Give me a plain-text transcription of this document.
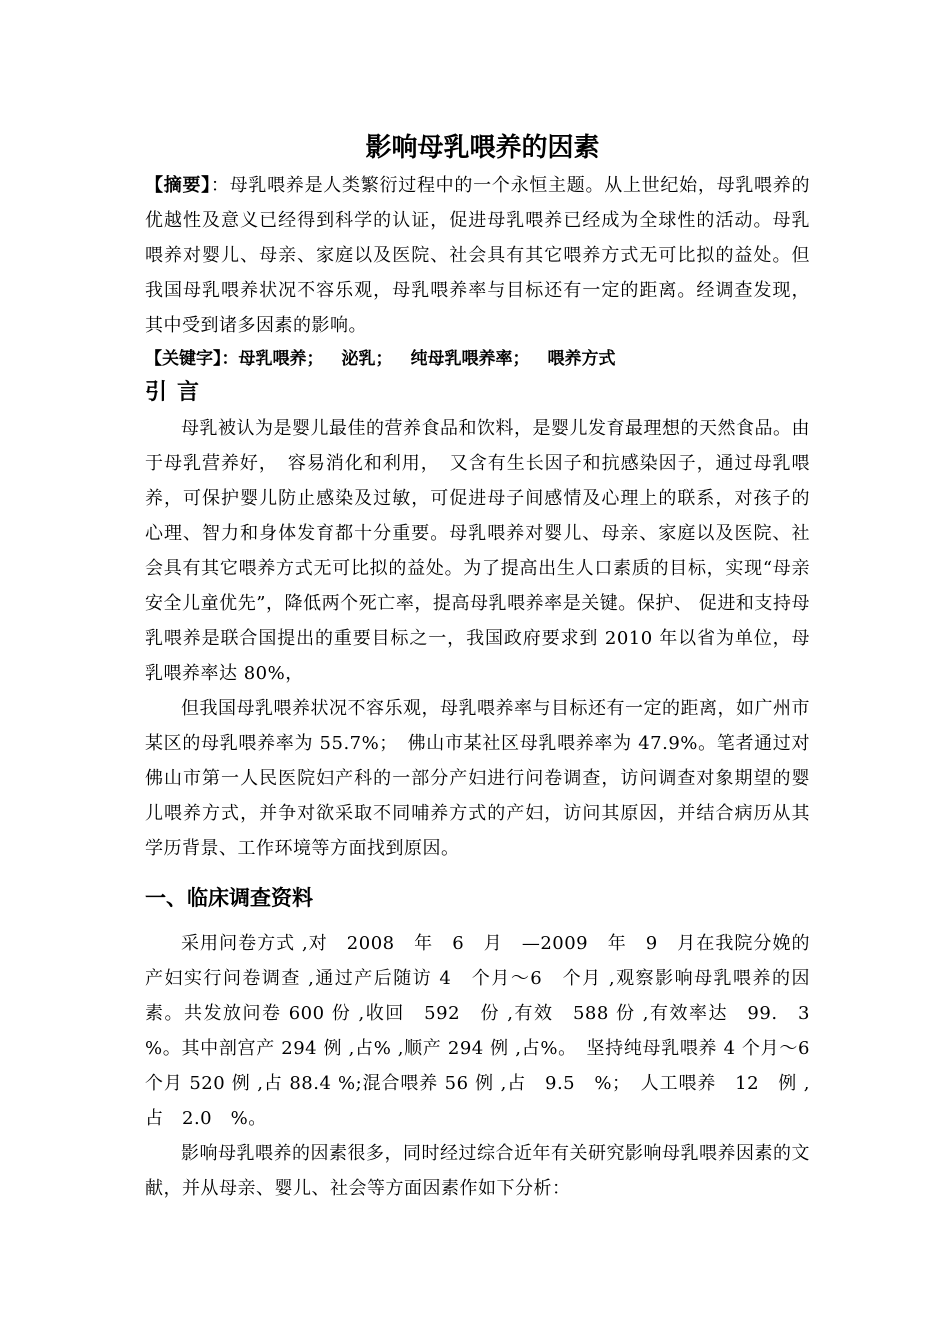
影响母乳喂养的因素

【摘要】：母乳喂养是人类繁衍过程中的一个永恒主题。从上世纪始，母乳喂养的优越性及意义已经得到科学的认证，促进母乳喂养已经成为全球性的活动。母乳喂养对婴儿、母亲、家庭以及医院、社会具有其它喂养方式无可比拟的益处。但我国母乳喂养状况不容乐观，母乳喂养率与目标还有一定的距离。经调查发现，其中受到诸多因素的影响。

【关键字】：母乳喂养； 泌乳； 纯母乳喂养率； 喂养方式

引言

母乳被认为是婴儿最佳的营养食品和饮料，是婴儿发育最理想的天然食品。由于母乳营养好，　容易消化和利用，　又含有生长因子和抗感染因子，通过母乳喂养，可保护婴儿防止感染及过敏，可促进母子间感情及心理上的联系，对孩子的心理、智力和身体发育都十分重要。母乳喂养对婴儿、母亲、家庭以及医院、社会具有其它喂养方式无可比拟的益处。为了提高出生人口素质的目标，实现“母亲安全儿童优先”，降低两个死亡率，提高母乳喂养率是关键。保护、 促进和支持母乳喂养是联合国提出的重要目标之一，我国政府要求到 2010 年以省为单位，母乳喂养率达 80%，

但我国母乳喂养状况不容乐观，母乳喂养率与目标还有一定的距离，如广州市某区的母乳喂养率为 55.7%；　佛山市某社区母乳喂养率为 47.9%。笔者通过对佛山市第一人民医院妇产科的一部分产妇进行问卷调查，访问调查对象期望的婴儿喂养方式，并争对欲采取不同哺养方式的产妇，访问其原因，并结合病历从其学历背景、工作环境等方面找到原因。

一、临床调查资料

采用问卷方式 ,对　2008　年　6　月　—2009　年　9　月在我院分娩的产妇实行问卷调查 ,通过产后随访 4　个月～6　个月 ,观察影响母乳喂养的因素。共发放问卷 600 份 ,收回　592　份 ,有效　588 份 ,有效率达　99.　3　%。其中剖宫产 294 例 ,占% ,顺产 294 例 ,占%。　坚持纯母乳喂养 4 个月～6 个月 520 例 ,占 88.4 %;混合喂养 56 例 ,占　9.5　%；　人工喂养　12　例 ,占　2.0　%。

影响母乳喂养的因素很多，同时经过综合近年有关研究影响母乳喂养因素的文献，并从母亲、婴儿、社会等方面因素作如下分析：
